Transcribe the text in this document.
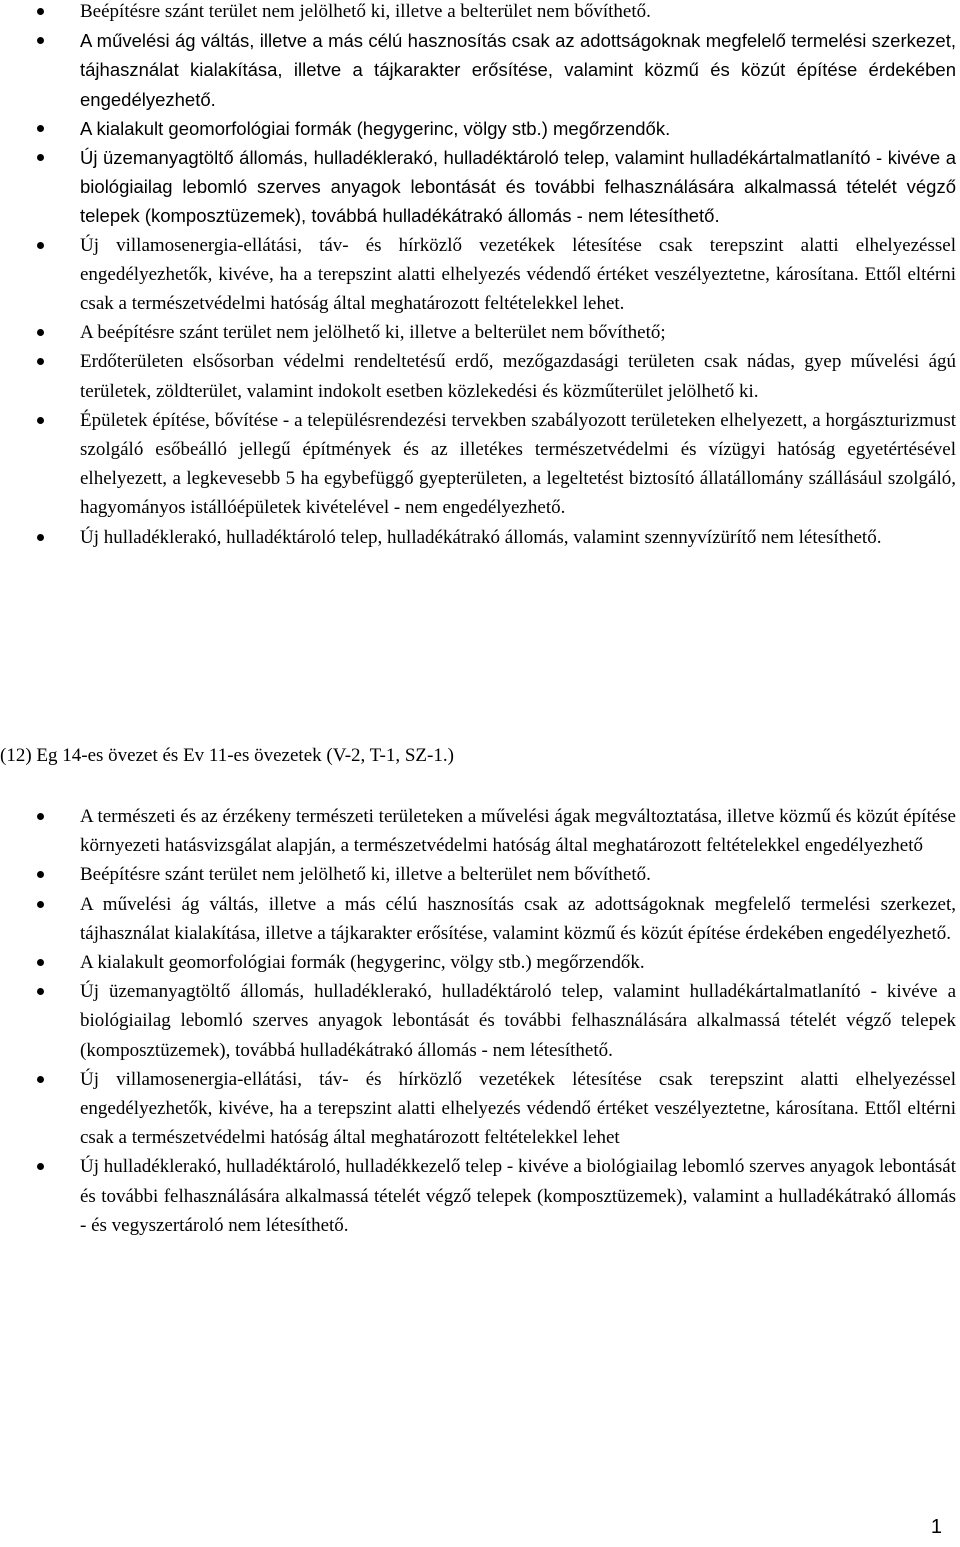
Beépítésre szánt terület nem jelölhető ki, illetve a belterület nem bővíthető.
A művelési ág váltás, illetve a más célú hasznosítás csak az adottságoknak megfelelő termelési szerkezet, tájhasználat kialakítása, illetve a tájkarakter erősítése, valamint közmű és közút építése érdekében engedélyezhető.
A kialakult geomorfológiai formák (hegygerinc, völgy stb.) megőrzendők.
Új üzemanyagtöltő állomás, hulladéklerakó, hulladéktároló telep, valamint hulladékártalmatlanító - kivéve a biológiailag lebomló szerves anyagok lebontását és további felhasználására alkalmassá tételét végző telepek (komposztüzemek), továbbá hulladékátrakó állomás - nem létesíthető.
Új villamosenergia-ellátási, táv- és hírközlő vezetékek létesítése csak terepszint alatti elhelyezéssel engedélyezhetők, kivéve, ha a terepszint alatti elhelyezés védendő értéket veszélyeztetne, károsítana. Ettől eltérni csak a természetvédelmi hatóság által meghatározott feltételekkel lehet.
A beépítésre szánt terület nem jelölhető ki, illetve a belterület nem bővíthető;
Erdőterületen elsősorban védelmi rendeltetésű erdő, mezőgazdasági területen csak nádas, gyep művelési ágú területek, zöldterület, valamint indokolt esetben közlekedési és közműterület jelölhető ki.
Épületek építése, bővítése - a településrendezési tervekben szabályozott területeken elhelyezett, a horgászturizmust szolgáló esőbeálló jellegű építmények és az illetékes természetvédelmi és vízügyi hatóság egyetértésével elhelyezett, a legkevesebb 5 ha egybefüggő gyepterületen, a legeltetést biztosító állatállomány szállásául szolgáló, hagyományos istállóépületek kivételével - nem engedélyezhető.
Új hulladéklerakó, hulladéktároló telep, hulladékátrakó állomás, valamint szennyvízürítő nem létesíthető.
(12) Eg 14-es övezet és Ev 11-es övezetek (V-2, T-1, SZ-1.)
A természeti és az érzékeny természeti területeken a művelési ágak megváltoztatása, illetve közmű és közút építése környezeti hatásvizsgálat alapján, a természetvédelmi hatóság által meghatározott feltételekkel engedélyezhető
Beépítésre szánt terület nem jelölhető ki, illetve a belterület nem bővíthető.
A művelési ág váltás, illetve a más célú hasznosítás csak az adottságoknak megfelelő termelési szerkezet, tájhasználat kialakítása, illetve a tájkarakter erősítése, valamint közmű és közút építése érdekében engedélyezhető.
A kialakult geomorfológiai formák (hegygerinc, völgy stb.) megőrzendők.
Új üzemanyagtöltő állomás, hulladéklerakó, hulladéktároló telep, valamint hulladékártalmatlanító - kivéve a biológiailag lebomló szerves anyagok lebontását és további felhasználására alkalmassá tételét végző telepek (komposztüzemek), továbbá hulladékátrakó állomás - nem létesíthető.
Új villamosenergia-ellátási, táv- és hírközlő vezetékek létesítése csak terepszint alatti elhelyezéssel engedélyezhetők, kivéve, ha a terepszint alatti elhelyezés védendő értéket veszélyeztetne, károsítana. Ettől eltérni csak a természetvédelmi hatóság által meghatározott feltételekkel lehet
Új hulladéklerakó, hulladéktároló, hulladékkezelő telep - kivéve a biológiailag lebomló szerves anyagok lebontását és további felhasználására alkalmassá tételét végző telepek (komposztüzemek), valamint a hulladékátrakó állomás - és vegyszertároló nem létesíthető.
1
